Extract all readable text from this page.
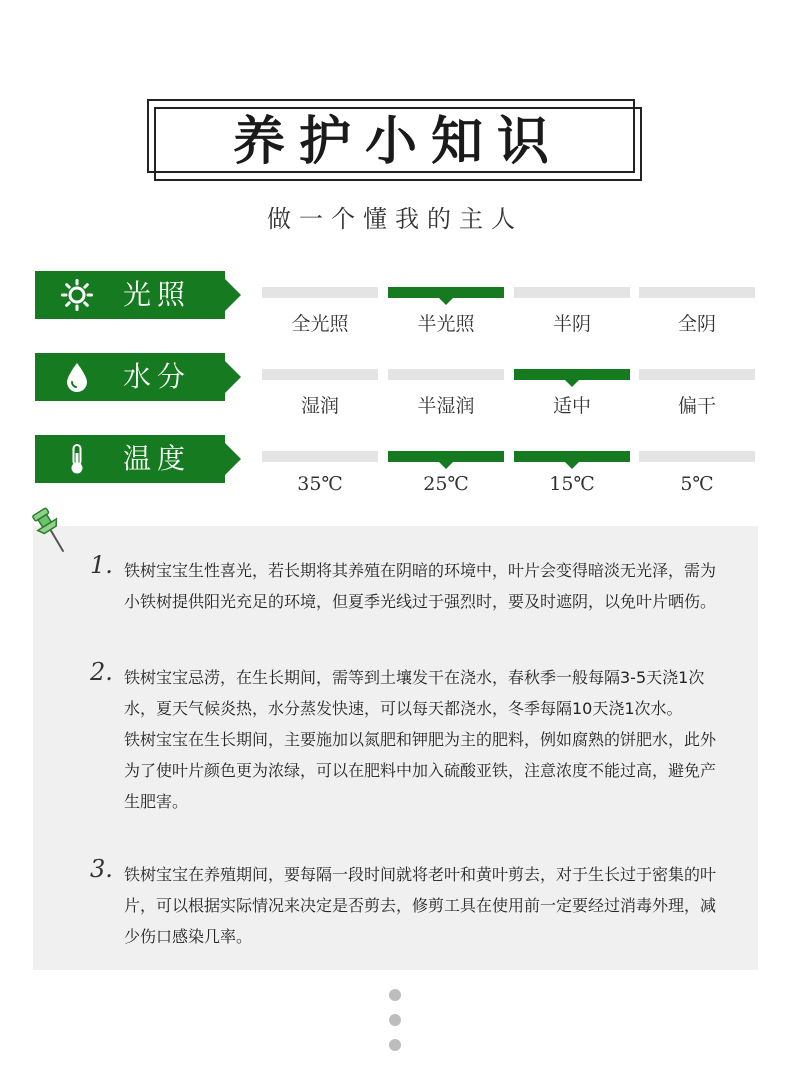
养护小知识
做一个懂我的主人
光照
全光照	半光照	半阴	全阴
水分
湿润	半湿润	适中	偏干
温度
35℃	25℃	15℃	5℃
1. 铁树宝宝生性喜光，若长期将其养殖在阴暗的环境中，叶片会变得暗淡无光泽，需为小铁树提供阳光充足的环境，但夏季光线过于强烈时，要及时遮阴，以免叶片晒伤。

2. 铁树宝宝忌涝，在生长期间，需等到土壤发干在浇水，春秋季一般每隔3-5天浇1次水，夏天气候炎热，水分蒸发快速，可以每天都浇水，冬季每隔10天浇1次水。

铁树宝宝在生长期间，主要施加以氮肥和钾肥为主的肥料，例如腐熟的饼肥水，此外为了使叶片颜色更为浓绿，可以在肥料中加入硫酸亚铁，注意浓度不能过高，避免产生肥害。

3. 铁树宝宝在养殖期间，要每隔一段时间就将老叶和黄叶剪去，对于生长过于密集的叶片，可以根据实际情况来决定是否剪去，修剪工具在使用前一定要经过消毒外理，减少伤口感染几率。
